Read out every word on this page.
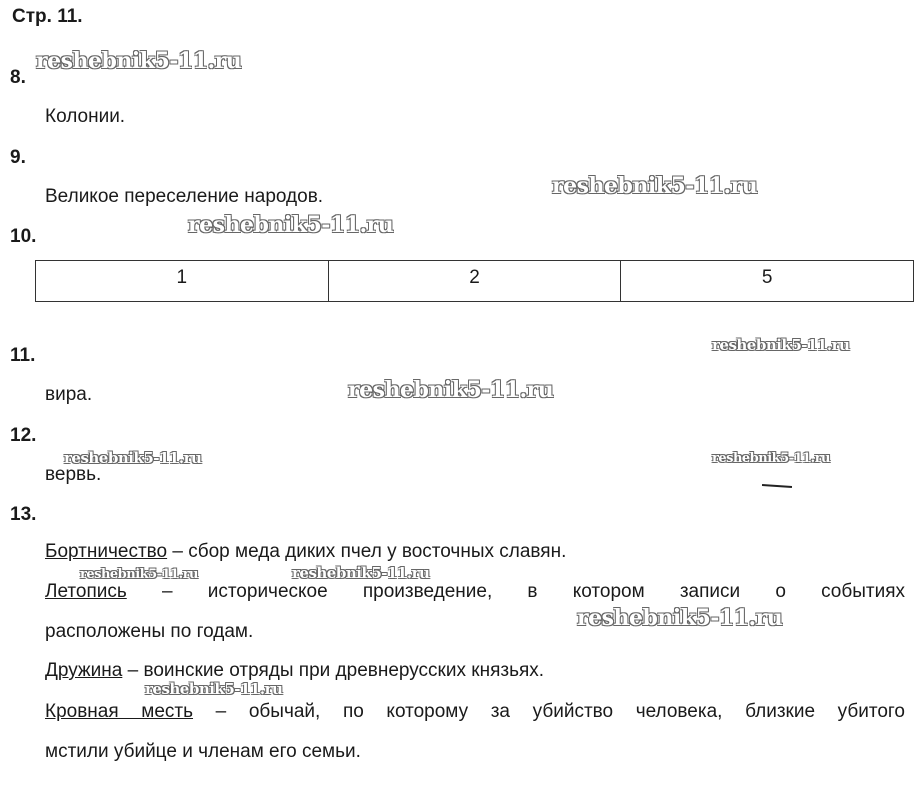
Стр. 11.
8.
Колонии.
9.
Великое переселение народов.
10.
1	2	5
11.
вира.
12.
вервь.
13.
Бортничество – сбор меда диких пчел у восточных славян.
Летопись – историческое произведение, в котором записи о событиях
расположены по годам.
Дружина – воинские отряды при древнерусских князьях.
Кровная месть – обычай, по которому за убийство человека, близкие убитого
мстили убийце и членам его семьи.
reshebnik5-11.ru
reshebnik5-11.ru
reshebnik5-11.ru
reshebnik5-11.ru
reshebnik5-11.ru
reshebnik5-11.ru	reshebnik5-11.ru
reshebnik5-11.ru	reshebnik5-11.ru
reshebnik5-11.ru
reshebnik5-11.ru
